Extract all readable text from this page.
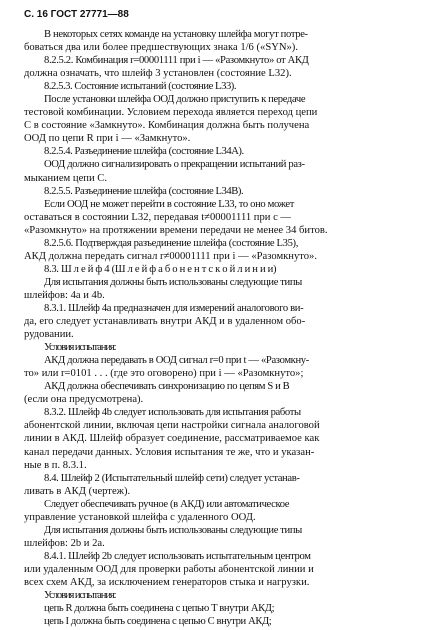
С. 16 ГОСТ 27771—88
В некоторых сетях команде на установку шлейфа могут потре-
боваться два или более предшествующих знака 1/6 («SYN»).
8.2.5.2. Комбинация r=00001111 при i — «Разомкнуто» от АКД
должна означать, что шлейф 3 установлен (состояние L32).
8.2.5.3. Состояние испытаний (состояние L33).
После установки шлейфа ООД должно приступить к передаче
тестовой комбинации. Условием перехода является переход цепи
С в состояние «Замкнуто». Комбинация должна быть получена
ООД по цепи R при i — «Замкнуто».
8.2.5.4. Разъединение шлейфа (состояние L34A).
ООД должно сигнализировать о прекращении испытаний раз-
мыканием цепи С.
8.2.5.5. Разъединение шлейфа (состояние L34B).
Если ООД не может перейти в состояние L33, то оно может
оставаться в состоянии L32, передавая t≠00001111 при c —
«Разомкнуто» на протяжении времени передачи не менее 34 битов.
8.2.5.6. Подтверждая разъединение шлейфа (состояние L35),
АКД должна передать сигнал r≠00001111 при i — «Разомкнуто».
8.3. Ш л е й ф 4 (Ш л е й ф а б о н е н т с к о й л и н и и)
Для испытания должны быть использованы следующие типы
шлейфов: 4а и 4b.
8.3.1. Шлейф 4а предназначен для измерений аналогового ви-
да, его следует устанавливать внутри АКД и в удаленном обо-
рудовании.
Условия испытания:
АКД должна передавать в ООД сигнал r=0 при t — «Разомкну-
то» или r=0101 . . . (где это оговорено) при i — «Разомкнуто»;
АКД должна обеспечивать синхронизацию по цепям S и B
(если она предусмотрена).
8.3.2. Шлейф 4b следует использовать для испытания работы
абонентской линии, включая цепи настройки сигнала аналоговой
линии в АКД. Шлейф образует соединение, рассматриваемое как
канал передачи данных. Условия испытания те же, что и указан-
ные в п. 8.3.1.
8.4. Шлейф 2 (Испытательный шлейф сети) следует устанав-
ливать в АКД (чертеж).
Следует обеспечивать ручное (в АКД) или автоматическое
управление установкой шлейфа с удаленного ООД.
Для испытания должны быть использованы следующие типы
шлейфов: 2b и 2а.
8.4.1. Шлейф 2b следует использовать испытательным центром
или удаленным ООД для проверки работы абонентской линии и
всех схем АКД, за исключением генераторов стыка и нагрузки.
Условия испытания:
цепь R должна быть соединена с цепью T внутри АКД;
цепь I должна быть соединена с цепью С внутри АКД;
